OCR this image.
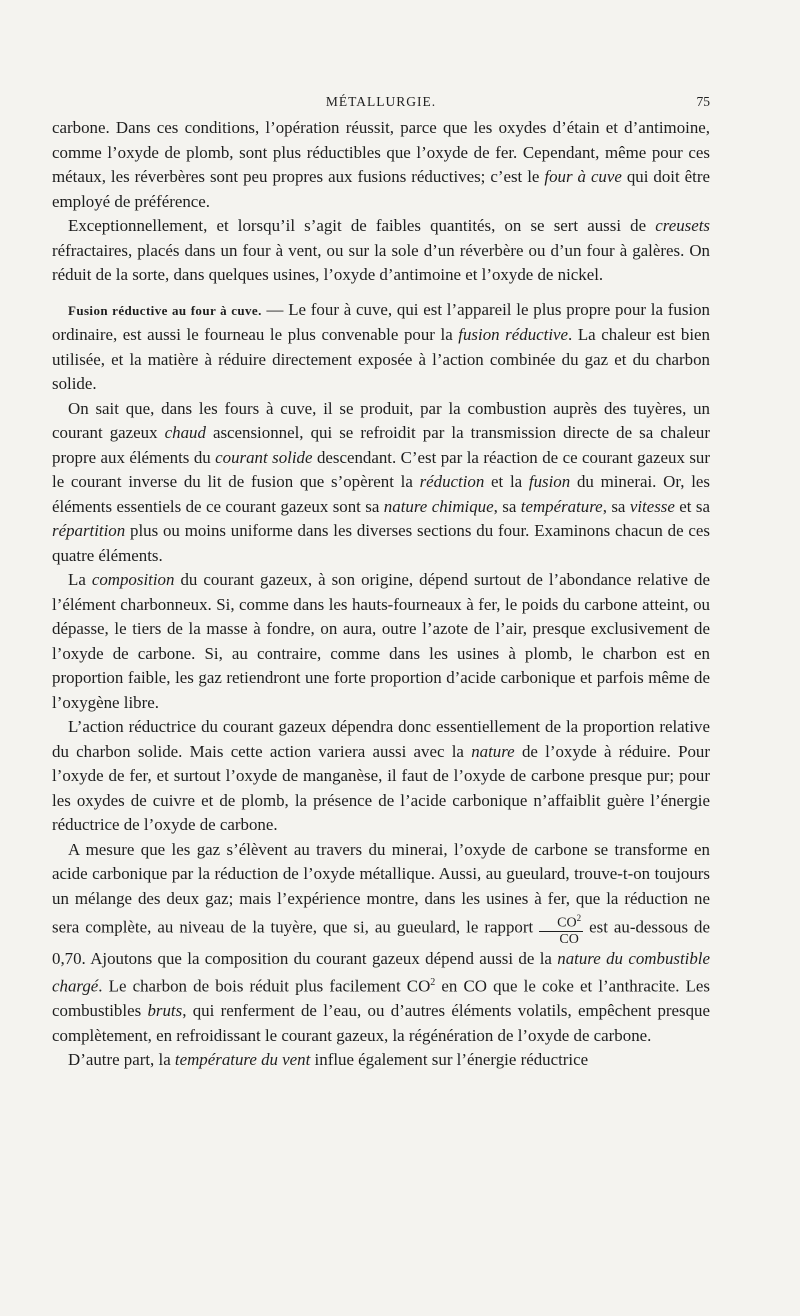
MÉTALLURGIE.	75

carbone. Dans ces conditions, l’opération réussit, parce que les oxydes d’étain et d’antimoine, comme l’oxyde de plomb, sont plus réductibles que l’oxyde de fer. Cependant, même pour ces métaux, les réverbères sont peu propres aux fusions réductives; c’est le four à cuve qui doit être employé de préférence.

Exceptionnellement, et lorsqu’il s’agit de faibles quantités, on se sert aussi de creusets réfractaires, placés dans un four à vent, ou sur la sole d’un réverbère ou d’un four à galères. On réduit de la sorte, dans quelques usines, l’oxyde d’antimoine et l’oxyde de nickel.

Fusion réductive au four à cuve. — Le four à cuve, qui est l’appareil le plus propre pour la fusion ordinaire, est aussi le fourneau le plus convenable pour la fusion réductive. La chaleur est bien utilisée, et la matière à réduire directement exposée à l’action combinée du gaz et du charbon solide.

On sait que, dans les fours à cuve, il se produit, par la combustion auprès des tuyères, un courant gazeux chaud ascensionnel, qui se refroidit par la transmission directe de sa chaleur propre aux éléments du courant solide descendant. C’est par la réaction de ce courant gazeux sur le courant inverse du lit de fusion que s’opèrent la réduction et la fusion du minerai. Or, les éléments essentiels de ce courant gazeux sont sa nature chimique, sa température, sa vitesse et sa répartition plus ou moins uniforme dans les diverses sections du four. Examinons chacun de ces quatre éléments.

La composition du courant gazeux, à son origine, dépend surtout de l’abondance relative de l’élément charbonneux. Si, comme dans les hauts-fourneaux à fer, le poids du carbone atteint, ou dépasse, le tiers de la masse à fondre, on aura, outre l’azote de l’air, presque exclusivement de l’oxyde de carbone. Si, au contraire, comme dans les usines à plomb, le charbon est en proportion faible, les gaz retiendront une forte proportion d’acide carbonique et parfois même de l’oxygène libre.

L’action réductrice du courant gazeux dépendra donc essentiellement de la proportion relative du charbon solide. Mais cette action variera aussi avec la nature de l’oxyde à réduire. Pour l’oxyde de fer, et surtout l’oxyde de manganèse, il faut de l’oxyde de carbone presque pur; pour les oxydes de cuivre et de plomb, la présence de l’acide carbonique n’affaiblit guère l’énergie réductrice de l’oxyde de carbone.

A mesure que les gaz s’élèvent au travers du minerai, l’oxyde de carbone se transforme en acide carbonique par la réduction de l’oxyde métallique. Aussi, au gueulard, trouve-t-on toujours un mélange des deux gaz; mais l’expérience montre, dans les usines à fer, que la réduction ne sera complète, au niveau de la tuyère, que si, au gueulard, le rapport $\frac{CO^2}{CO}$ est au-dessous de 0,70. Ajoutons que la composition du courant gazeux dépend aussi de la nature du combustible chargé. Le charbon de bois réduit plus facilement $CO^2$ en CO que le coke et l’anthracite. Les combustibles bruts, qui renferment de l’eau, ou d’autres éléments volatils, empêchent presque complètement, en refroidissant le courant gazeux, la régénération de l’oxyde de carbone.

D’autre part, la température du vent influe également sur l’énergie réductrice
